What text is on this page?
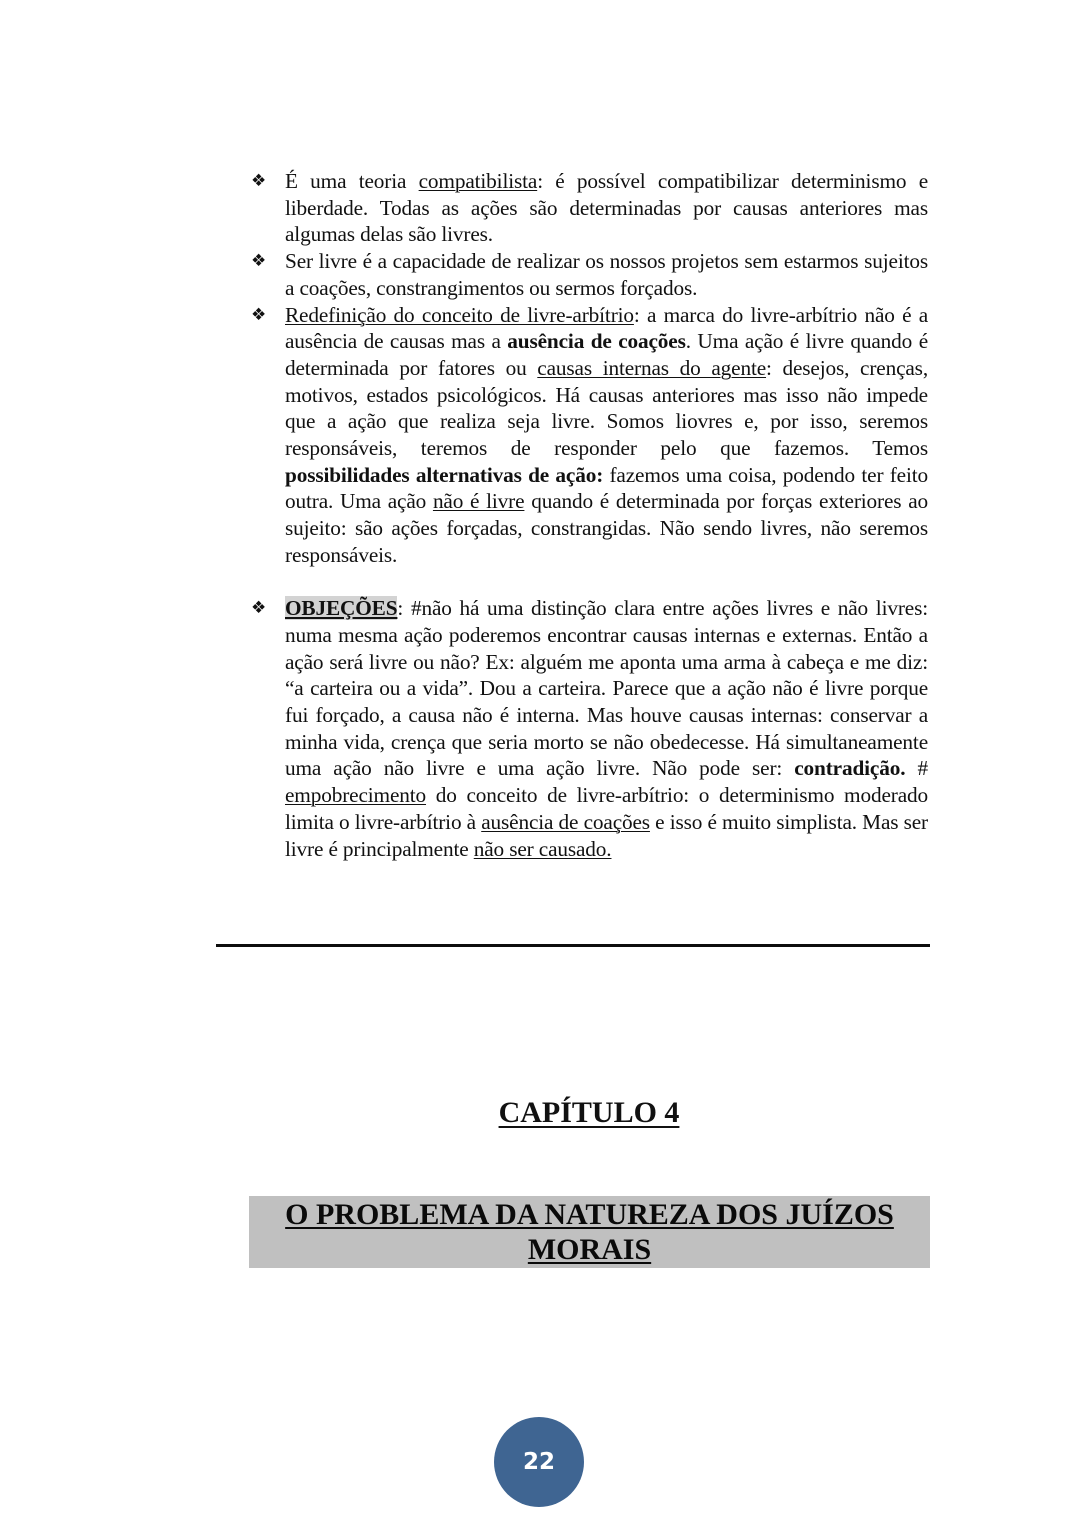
❖ É uma teoria compatibilista: é possível compatibilizar determinismo e liberdade. Todas as ações são determinadas por causas anteriores mas algumas delas são livres.
❖ Ser livre é a capacidade de realizar os nossos projetos sem estarmos sujeitos a coações, constrangimentos ou sermos forçados.
❖ Redefinição do conceito de livre-arbítrio: a marca do livre-arbítrio não é a ausência de causas mas a ausência de coações. Uma ação é livre quando é determinada por fatores ou causas internas do agente: desejos, crenças, motivos, estados psicológicos. Há causas anteriores mas isso não impede que a ação que realiza seja livre. Somos liovres e, por isso, seremos responsáveis, teremos de responder pelo que fazemos. Temos possibilidades alternativas de ação: fazemos uma coisa, podendo ter feito outra. Uma ação não é livre quando é determinada por forças exteriores ao sujeito: são ações forçadas, constrangidas. Não sendo livres, não seremos responsáveis.
❖ OBJEÇÕES: #não há uma distinção clara entre ações livres e não livres: numa mesma ação poderemos encontrar causas internas e externas. Então a ação será livre ou não? Ex: alguém me aponta uma arma à cabeça e me diz: “a carteira ou a vida”. Dou a carteira. Parece que a ação não é livre porque fui forçado, a causa não é interna. Mas houve causas internas: conservar a minha vida, crença que seria morto se não obedecesse. Há simultaneamente uma ação não livre e uma ação livre. Não pode ser: contradição. # empobrecimento do conceito de livre-arbítrio: o determinismo moderado limita o livre-arbítrio à ausência de coações e isso é muito simplista. Mas ser livre é principalmente não ser causado.
CAPÍTULO 4
O PROBLEMA DA NATUREZA DOS JUÍZOS MORAIS
22
